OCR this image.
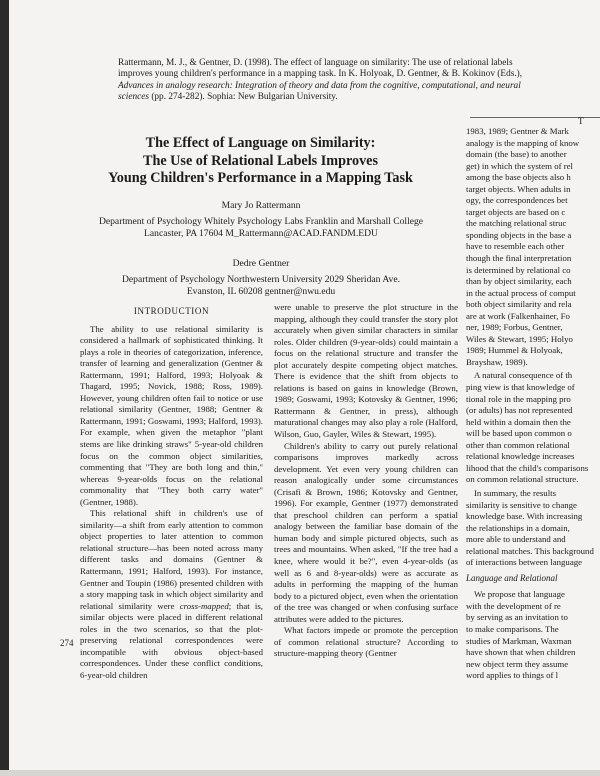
Rattermann, M. J., & Gentner, D. (1998). The effect of language on similarity: The use of relational labels improves young children's performance in a mapping task. In K. Holyoak, D. Gentner, & B. Kokinov (Eds.), Advances in analogy research: Integration of theory and data from the cognitive, computational, and neural sciences (pp. 274-282). Sophia: New Bulgarian University.
The Effect of Language on Similarity:
The Use of Relational Labels Improves
Young Children's Performance in a Mapping Task
Mary Jo Rattermann
Department of Psychology Whitely Psychology Labs Franklin and Marshall College
Lancaster, PA 17604 M_Rattermann@ACAD.FANDM.EDU
Dedre Gentner
Department of Psychology Northwestern University 2029 Sheridan Ave.
Evanston, IL 60208 gentner@nwu.edu
INTRODUCTION

The ability to use relational similarity is considered a hallmark of sophisticated thinking. It plays a role in theories of categorization, inference, transfer of learning and generalization (Gentner & Rattermann, 1991; Halford, 1993; Holyoak & Thagard, 1995; Novick, 1988; Ross, 1989). However, young children often fail to notice or use relational similarity (Gentner, 1988; Gentner & Rattermann, 1991; Goswami, 1993; Halford, 1993). For example, when given the metaphor "plant stems are like drinking straws" 5-year-old children focus on the common object similarities, commenting that "They are both long and thin," whereas 9-year-olds focus on the relational commonality that "They both carry water" (Gentner, 1988).

This relational shift in children's use of similarity—a shift from early attention to common object properties to later attention to common relational structure—has been noted across many different tasks and domains (Gentner & Rattermann, 1991; Halford, 1993). For instance, Gentner and Toupin (1986) presented children with a story mapping task in which object similarity and relational similarity were cross-mapped; that is, similar objects were placed in different relational roles in the two scenarios, so that the plot-preserving relational correspondences were incompatible with obvious object-based correspondences. Under these conflict conditions, 6-year-old children

were unable to preserve the plot structure in the mapping, although they could transfer the story plot accurately when given similar characters in similar roles. Older children (9-year-olds) could maintain a focus on the relational structure and transfer the plot accurately despite competing object matches. There is evidence that the shift from objects to relations is based on gains in knowledge (Brown, 1989; Goswami, 1993; Kotovsky & Gentner, 1996; Rattermann & Gentner, in press), although maturational changes may also play a role (Halford, Wilson, Guo, Gayler, Wiles & Stewart, 1995).

Children's ability to carry out purely relational comparisons improves markedly across development. Yet even very young children can reason analogically under some circumstances (Crisafi & Brown, 1986; Kotovsky and Gentner, 1996). For example, Gentner (1977) demonstrated that preschool children can perform a spatial analogy between the familiar base domain of the human body and simple pictured objects, such as trees and mountains. When asked, "If the tree had a knee, where would it be?", even 4-year-olds (as well as 6 and 8-year-olds) were as accurate as adults in performing the mapping of the human body to a pictured object, even when the orientation of the tree was changed or when confusing surface attributes were added to the pictures.

What factors impede or promote the perception of common relational structure? According to structure-mapping theory (Gentner

T

1983, 1989; Gentner & Mark

analogy is the mapping of know

domain (the base) to another

get) in which the system of rel

among the base objects also h

target objects. When adults in

ogy, the correspondences bet

target objects are based on c

the matching relational struc

sponding objects in the base a

have to resemble each other

though the final interpretation

is determined by relational co

than by object similarity, each

in the actual process of comput

both object similarity and rela

are at work (Falkenhainer, Fo

ner, 1989; Forbus, Gentner,

Wiles & Stewart, 1995; Holyo

1989; Hummel & Holyoak,

Brayshaw, 1989).

A natural consequence of th

ping view is that knowledge of

tional role in the mapping pro

(or adults) has not represented

held within a domain then the

will be based upon common o

other than common relational

relational knowledge increases

lihood that the child's comparisons

on common relational structure.

In summary, the results

similarity is sensitive to change

knowledge base. With increasing

the relationships in a domain,

more able to understand and

relational matches. This background

of interactions between language

Language and Relational

We propose that language

with the development of re

by serving as an invitation to

to make comparisons. The

studies of Markman, Waxman

have shown that when children

new object term they assume

word applies to things of l

274
